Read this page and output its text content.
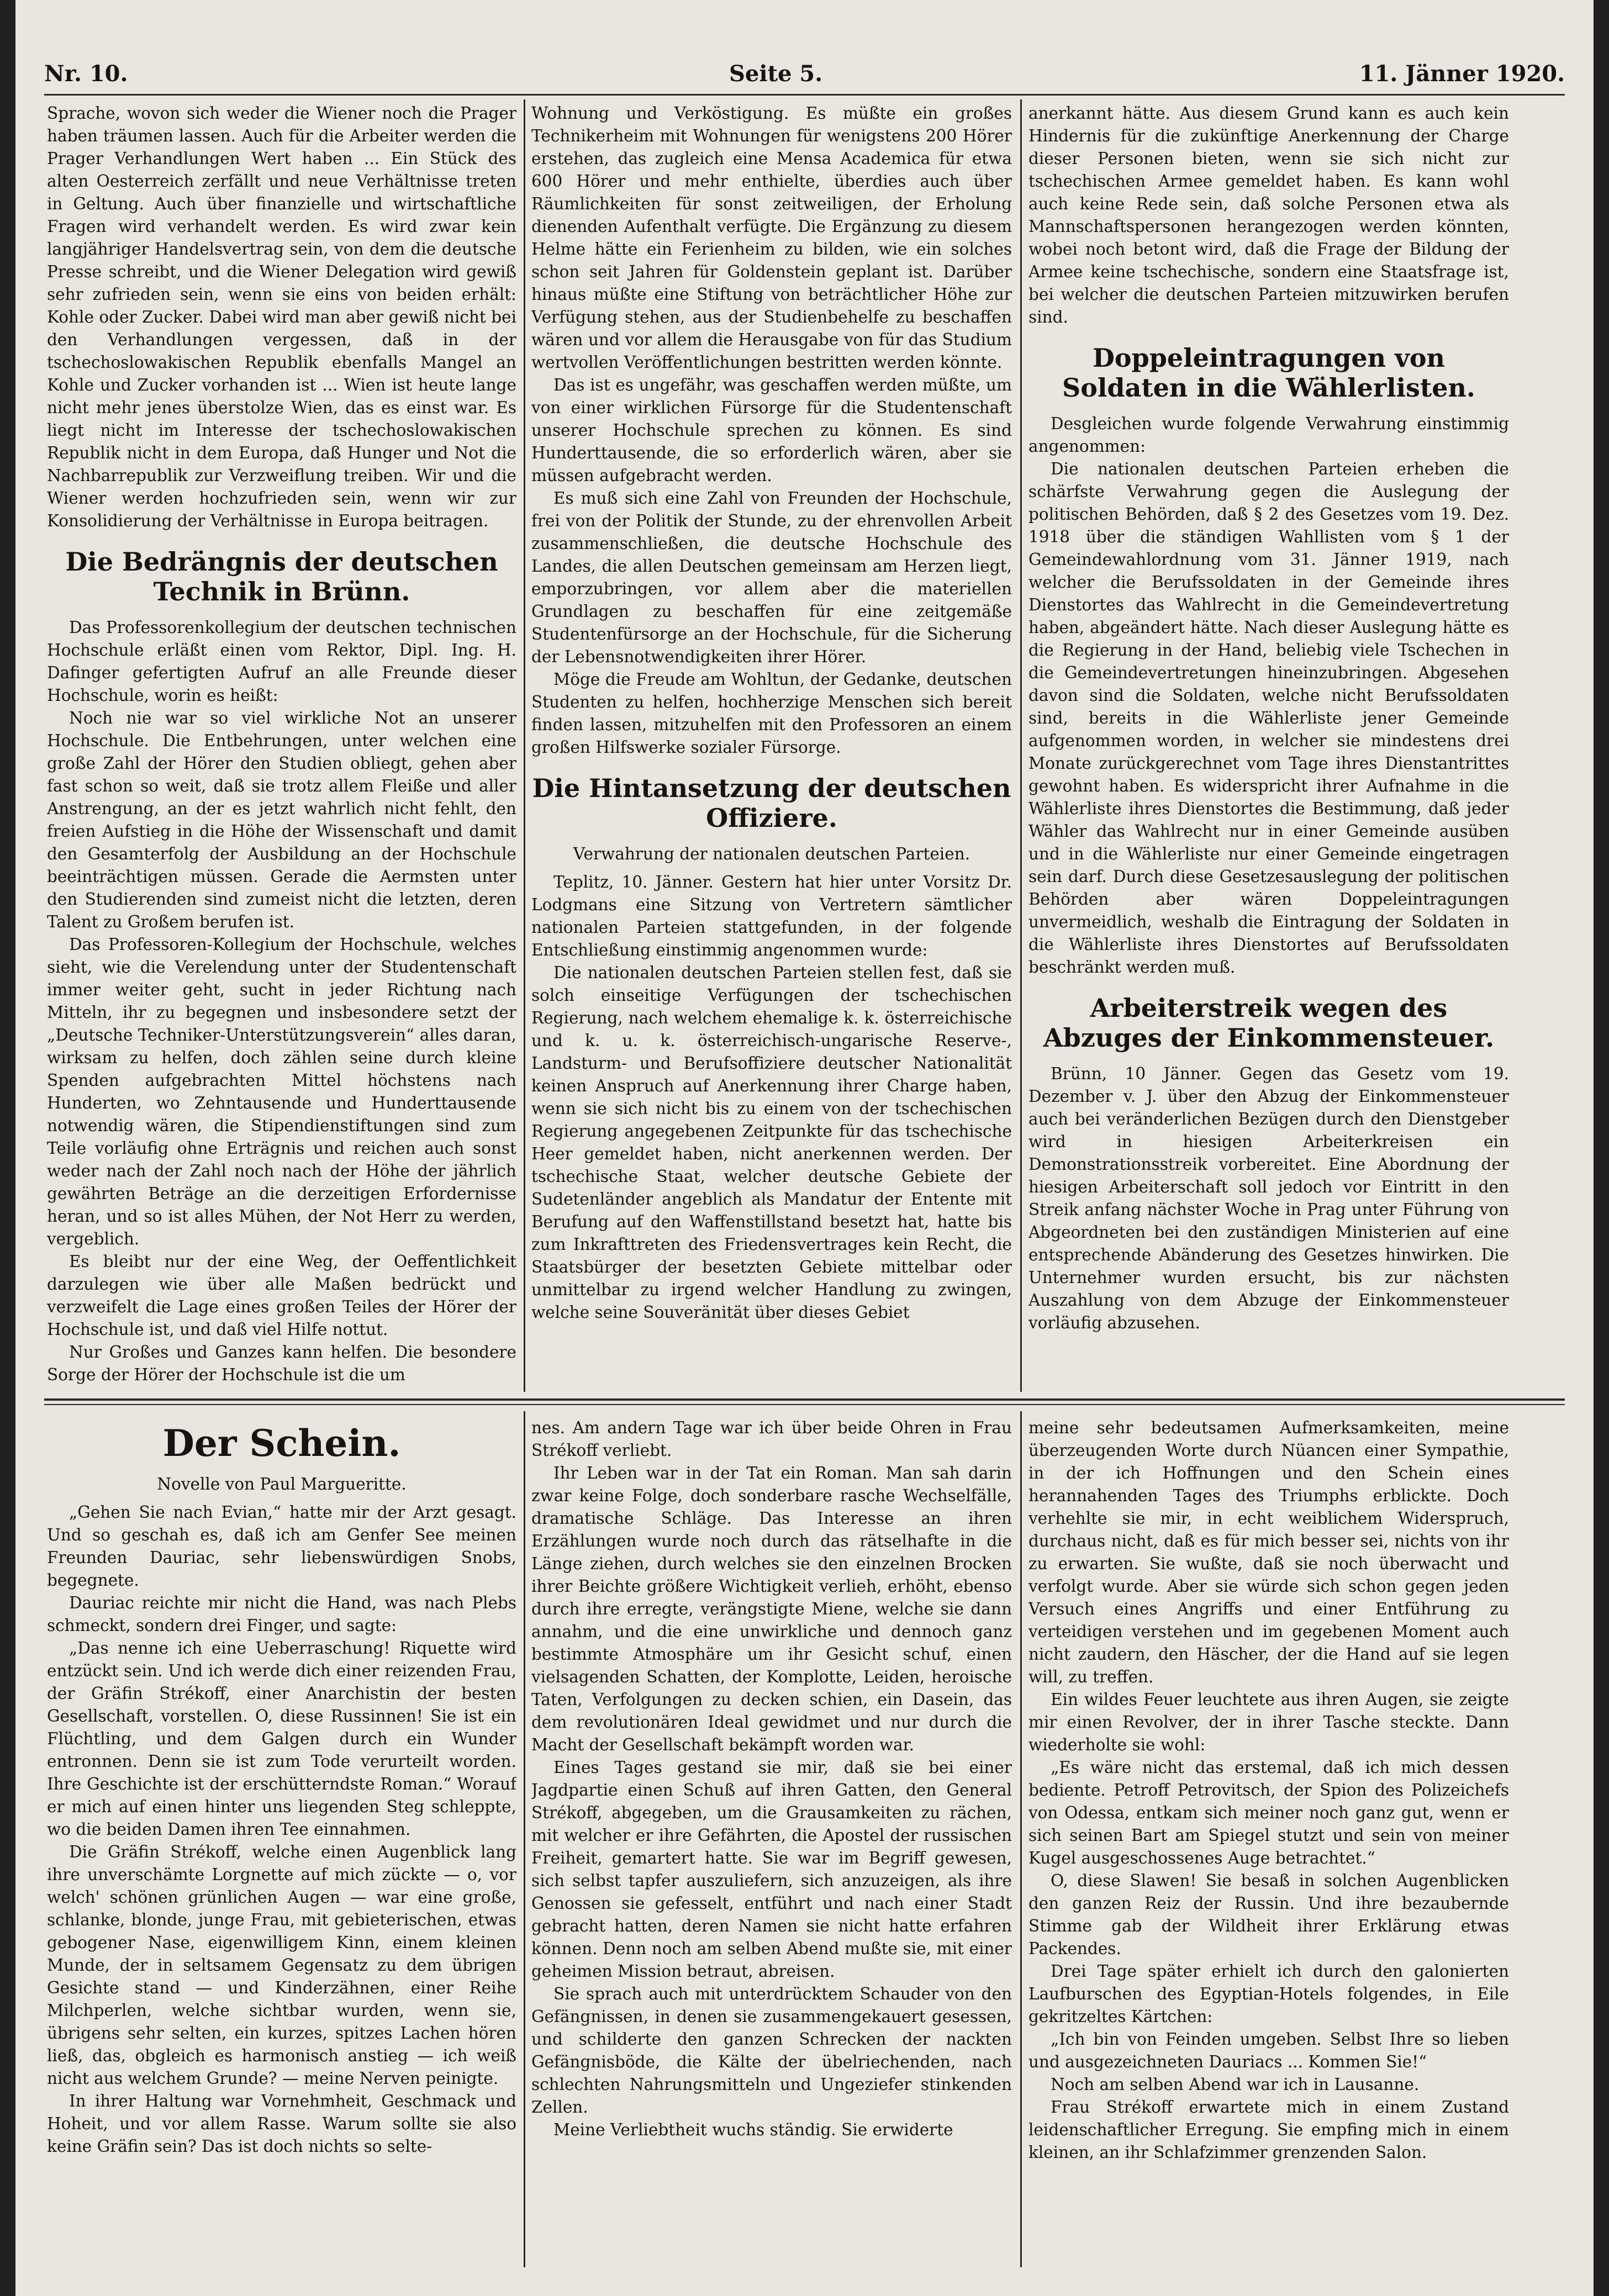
Nr. 10.	Seite 5.	11. Jänner 1920.

Sprache, wovon sich weder die Wiener noch die Prager haben träumen lassen. Auch für die Arbeiter werden die Prager Verhandlungen Wert haben ... Ein Stück des alten Oesterreich zerfällt und neue Verhältnisse treten in Geltung. Auch über finanzielle und wirtschaftliche Fragen wird verhandelt werden. Es wird zwar kein langjähriger Handelsvertrag sein, von dem die deutsche Presse schreibt, und die Wiener Delegation wird gewiß sehr zufrieden sein, wenn sie eins von beiden erhält: Kohle oder Zucker. Dabei wird man aber gewiß nicht bei den Verhandlungen vergessen, daß in der tschechoslowakischen Republik ebenfalls Mangel an Kohle und Zucker vorhanden ist ... Wien ist heute lange nicht mehr jenes überstolze Wien, das es einst war. Es liegt nicht im Interesse der tschechoslowakischen Republik nicht in dem Europa, daß Hunger und Not die Nachbarrepublik zur Verzweiflung treiben. Wir und die Wiener werden hochzufrieden sein, wenn wir zur Konsolidierung der Verhältnisse in Europa beitragen.

Die Bedrängnis der deutschen Technik in Brünn.

Das Professorenkollegium der deutschen technischen Hochschule erläßt einen vom Rektor, Dipl. Ing. H. Dafinger gefertigten Aufruf an alle Freunde dieser Hochschule, worin es heißt:

Noch nie war so viel wirkliche Not an unserer Hochschule. Die Entbehrungen, unter welchen eine große Zahl der Hörer den Studien obliegt, gehen aber fast schon so weit, daß sie trotz allem Fleiße und aller Anstrengung, an der es jetzt wahrlich nicht fehlt, den freien Aufstieg in die Höhe der Wissenschaft und damit den Gesamterfolg der Ausbildung an der Hochschule beeinträchtigen müssen. Gerade die Aermsten unter den Studierenden sind zumeist nicht die letzten, deren Talent zu Großem berufen ist.

Das Professoren-Kollegium der Hochschule, welches sieht, wie die Verelendung unter der Studentenschaft immer weiter geht, sucht in jeder Richtung nach Mitteln, ihr zu begegnen und insbesondere setzt der „Deutsche Techniker-Unterstützungsverein“ alles daran, wirksam zu helfen, doch zählen seine durch kleine Spenden aufgebrachten Mittel höchstens nach Hunderten, wo Zehntausende und Hunderttausende notwendig wären, die Stipendienstiftungen sind zum Teile vorläufig ohne Erträgnis und reichen auch sonst weder nach der Zahl noch nach der Höhe der jährlich gewährten Beträge an die derzeitigen Erfordernisse heran, und so ist alles Mühen, der Not Herr zu werden, vergeblich.

Es bleibt nur der eine Weg, der Oeffentlichkeit darzulegen wie über alle Maßen bedrückt und verzweifelt die Lage eines großen Teiles der Hörer der Hochschule ist, und daß viel Hilfe nottut.

Nur Großes und Ganzes kann helfen. Die besondere Sorge der Hörer der Hochschule ist die um

Wohnung und Verköstigung. Es müßte ein großes Technikerheim mit Wohnungen für wenigstens 200 Hörer erstehen, das zugleich eine Mensa Academica für etwa 600 Hörer und mehr enthielte, überdies auch über Räumlichkeiten für sonst zeitweiligen, der Erholung dienenden Aufenthalt verfügte. Die Ergänzung zu diesem Helme hätte ein Ferienheim zu bilden, wie ein solches schon seit Jahren für Goldenstein geplant ist. Darüber hinaus müßte eine Stiftung von beträchtlicher Höhe zur Verfügung stehen, aus der Studienbehelfe zu beschaffen wären und vor allem die Herausgabe von für das Studium wertvollen Veröffentlichungen bestritten werden könnte.

Das ist es ungefähr, was geschaffen werden müßte, um von einer wirklichen Fürsorge für die Studentenschaft unserer Hochschule sprechen zu können. Es sind Hunderttausende, die so erforderlich wären, aber sie müssen aufgebracht werden.

Es muß sich eine Zahl von Freunden der Hochschule, frei von der Politik der Stunde, zu der ehrenvollen Arbeit zusammenschließen, die deutsche Hochschule des Landes, die allen Deutschen gemeinsam am Herzen liegt, emporzubringen, vor allem aber die materiellen Grundlagen zu beschaffen für eine zeitgemäße Studentenfürsorge an der Hochschule, für die Sicherung der Lebensnotwendigkeiten ihrer Hörer.

Möge die Freude am Wohltun, der Gedanke, deutschen Studenten zu helfen, hochherzige Menschen sich bereit finden lassen, mitzuhelfen mit den Professoren an einem großen Hilfswerke sozialer Fürsorge.

Die Hintansetzung der deutschen Offiziere.

Verwahrung der nationalen deutschen Parteien.

Teplitz, 10. Jänner. Gestern hat hier unter Vorsitz Dr. Lodgmans eine Sitzung von Vertretern sämtlicher nationalen Parteien stattgefunden, in der folgende Entschließung einstimmig angenommen wurde:

Die nationalen deutschen Parteien stellen fest, daß sie solch einseitige Verfügungen der tschechischen Regierung, nach welchem ehemalige k. k. österreichische und k. u. k. österreichisch-ungarische Reserve-, Landsturm- und Berufsoffiziere deutscher Nationalität keinen Anspruch auf Anerkennung ihrer Charge haben, wenn sie sich nicht bis zu einem von der tschechischen Regierung angegebenen Zeitpunkte für das tschechische Heer gemeldet haben, nicht anerkennen werden. Der tschechische Staat, welcher deutsche Gebiete der Sudetenländer angeblich als Mandatur der Entente mit Berufung auf den Waffenstillstand besetzt hat, hatte bis zum Inkrafttreten des Friedensvertrages kein Recht, die Staatsbürger der besetzten Gebiete mittelbar oder unmittelbar zu irgend welcher Handlung zu zwingen, welche seine Souveränität über dieses Gebiet

anerkannt hätte. Aus diesem Grund kann es auch kein Hindernis für die zukünftige Anerkennung der Charge dieser Personen bieten, wenn sie sich nicht zur tschechischen Armee gemeldet haben. Es kann wohl auch keine Rede sein, daß solche Personen etwa als Mannschaftspersonen herangezogen werden könnten, wobei noch betont wird, daß die Frage der Bildung der Armee keine tschechische, sondern eine Staatsfrage ist, bei welcher die deutschen Parteien mitzuwirken berufen sind.

Doppeleintragungen von Soldaten in die Wählerlisten.

Desgleichen wurde folgende Verwahrung einstimmig angenommen:

Die nationalen deutschen Parteien erheben die schärfste Verwahrung gegen die Auslegung der politischen Behörden, daß § 2 des Gesetzes vom 19. Dez. 1918 über die ständigen Wahllisten vom § 1 der Gemeindewahlordnung vom 31. Jänner 1919, nach welcher die Berufssoldaten in der Gemeinde ihres Dienstortes das Wahlrecht in die Gemeindevertretung haben, abgeändert hätte. Nach dieser Auslegung hätte es die Regierung in der Hand, beliebig viele Tschechen in die Gemeindevertretungen hineinzubringen. Abgesehen davon sind die Soldaten, welche nicht Berufssoldaten sind, bereits in die Wählerliste jener Gemeinde aufgenommen worden, in welcher sie mindestens drei Monate zurückgerechnet vom Tage ihres Dienstantrittes gewohnt haben. Es widerspricht ihrer Aufnahme in die Wählerliste ihres Dienstortes die Bestimmung, daß jeder Wähler das Wahlrecht nur in einer Gemeinde ausüben und in die Wählerliste nur einer Gemeinde eingetragen sein darf. Durch diese Gesetzesauslegung der politischen Behörden aber wären Doppeleintragungen unvermeidlich, weshalb die Eintragung der Soldaten in die Wählerliste ihres Dienstortes auf Berufssoldaten beschränkt werden muß.

Arbeiterstreik wegen des Abzuges der Einkommensteuer.

Brünn, 10 Jänner. Gegen das Gesetz vom 19. Dezember v. J. über den Abzug der Einkommensteuer auch bei veränderlichen Bezügen durch den Dienstgeber wird in hiesigen Arbeiterkreisen ein Demonstrationsstreik vorbereitet. Eine Abordnung der hiesigen Arbeiterschaft soll jedoch vor Eintritt in den Streik anfang nächster Woche in Prag unter Führung von Abgeordneten bei den zuständigen Ministerien auf eine entsprechende Abänderung des Gesetzes hinwirken. Die Unternehmer wurden ersucht, bis zur nächsten Auszahlung von dem Abzuge der Einkommensteuer vorläufig abzusehen.

Der Schein.

Novelle von Paul Margueritte.

„Gehen Sie nach Evian,“ hatte mir der Arzt gesagt. Und so geschah es, daß ich am Genfer See meinen Freunden Dauriac, sehr liebenswürdigen Snobs, begegnete.

Dauriac reichte mir nicht die Hand, was nach Plebs schmeckt, sondern drei Finger, und sagte:

„Das nenne ich eine Ueberraschung! Riquette wird entzückt sein. Und ich werde dich einer reizenden Frau, der Gräfin Strékoff, einer Anarchistin der besten Gesellschaft, vorstellen. O, diese Russinnen! Sie ist ein Flüchtling, und dem Galgen durch ein Wunder entronnen. Denn sie ist zum Tode verurteilt worden. Ihre Geschichte ist der erschütterndste Roman.“ Worauf er mich auf einen hinter uns liegenden Steg schleppte, wo die beiden Damen ihren Tee einnahmen.

Die Gräfin Strékoff, welche einen Augenblick lang ihre unverschämte Lorgnette auf mich zückte — o, vor welch' schönen grünlichen Augen — war eine große, schlanke, blonde, junge Frau, mit gebieterischen, etwas gebogener Nase, eigenwilligem Kinn, einem kleinen Munde, der in seltsamem Gegensatz zu dem übrigen Gesichte stand — und Kinderzähnen, einer Reihe Milchperlen, welche sichtbar wurden, wenn sie, übrigens sehr selten, ein kurzes, spitzes Lachen hören ließ, das, obgleich es harmonisch anstieg — ich weiß nicht aus welchem Grunde? — meine Nerven peinigte.

In ihrer Haltung war Vornehmheit, Geschmack und Hoheit, und vor allem Rasse. Warum sollte sie also keine Gräfin sein? Das ist doch nichts so selte-

nes. Am andern Tage war ich über beide Ohren in Frau Strékoff verliebt.

Ihr Leben war in der Tat ein Roman. Man sah darin zwar keine Folge, doch sonderbare rasche Wechselfälle, dramatische Schläge. Das Interesse an ihren Erzählungen wurde noch durch das rätselhafte in die Länge ziehen, durch welches sie den einzelnen Brocken ihrer Beichte größere Wichtigkeit verlieh, erhöht, ebenso durch ihre erregte, verängstigte Miene, welche sie dann annahm, und die eine unwirkliche und dennoch ganz bestimmte Atmosphäre um ihr Gesicht schuf, einen vielsagenden Schatten, der Komplotte, Leiden, heroische Taten, Verfolgungen zu decken schien, ein Dasein, das dem revolutionären Ideal gewidmet und nur durch die Macht der Gesellschaft bekämpft worden war.

Eines Tages gestand sie mir, daß sie bei einer Jagdpartie einen Schuß auf ihren Gatten, den General Strékoff, abgegeben, um die Grausamkeiten zu rächen, mit welcher er ihre Gefährten, die Apostel der russischen Freiheit, gemartert hatte. Sie war im Begriff gewesen, sich selbst tapfer auszuliefern, sich anzuzeigen, als ihre Genossen sie gefesselt, entführt und nach einer Stadt gebracht hatten, deren Namen sie nicht hatte erfahren können. Denn noch am selben Abend mußte sie, mit einer geheimen Mission betraut, abreisen.

Sie sprach auch mit unterdrücktem Schauder von den Gefängnissen, in denen sie zusammengekauert gesessen, und schilderte den ganzen Schrecken der nackten Gefängnisböde, die Kälte der übelriechenden, nach schlechten Nahrungsmitteln und Ungeziefer stinkenden Zellen.

Meine Verliebtheit wuchs ständig. Sie erwiderte

meine sehr bedeutsamen Aufmerksamkeiten, meine überzeugenden Worte durch Nüancen einer Sympathie, in der ich Hoffnungen und den Schein eines herannahenden Tages des Triumphs erblickte. Doch verhehlte sie mir, in echt weiblichem Widerspruch, durchaus nicht, daß es für mich besser sei, nichts von ihr zu erwarten. Sie wußte, daß sie noch überwacht und verfolgt wurde. Aber sie würde sich schon gegen jeden Versuch eines Angriffs und einer Entführung zu verteidigen verstehen und im gegebenen Moment auch nicht zaudern, den Häscher, der die Hand auf sie legen will, zu treffen.

Ein wildes Feuer leuchtete aus ihren Augen, sie zeigte mir einen Revolver, der in ihrer Tasche steckte. Dann wiederholte sie wohl:

„Es wäre nicht das erstemal, daß ich mich dessen bediente. Petroff Petrovitsch, der Spion des Polizeichefs von Odessa, entkam sich meiner noch ganz gut, wenn er sich seinen Bart am Spiegel stutzt und sein von meiner Kugel ausgeschossenes Auge betrachtet.“

O, diese Slawen! Sie besaß in solchen Augenblicken den ganzen Reiz der Russin. Und ihre bezaubernde Stimme gab der Wildheit ihrer Erklärung etwas Packendes.

Drei Tage später erhielt ich durch den galonierten Laufburschen des Egyptian-Hotels folgendes, in Eile gekritzeltes Kärtchen:

„Ich bin von Feinden umgeben. Selbst Ihre so lieben und ausgezeichneten Dauriacs ... Kommen Sie!“

Noch am selben Abend war ich in Lausanne.

Frau Strékoff erwartete mich in einem Zustand leidenschaftlicher Erregung. Sie empfing mich in einem kleinen, an ihr Schlafzimmer grenzenden Salon.
